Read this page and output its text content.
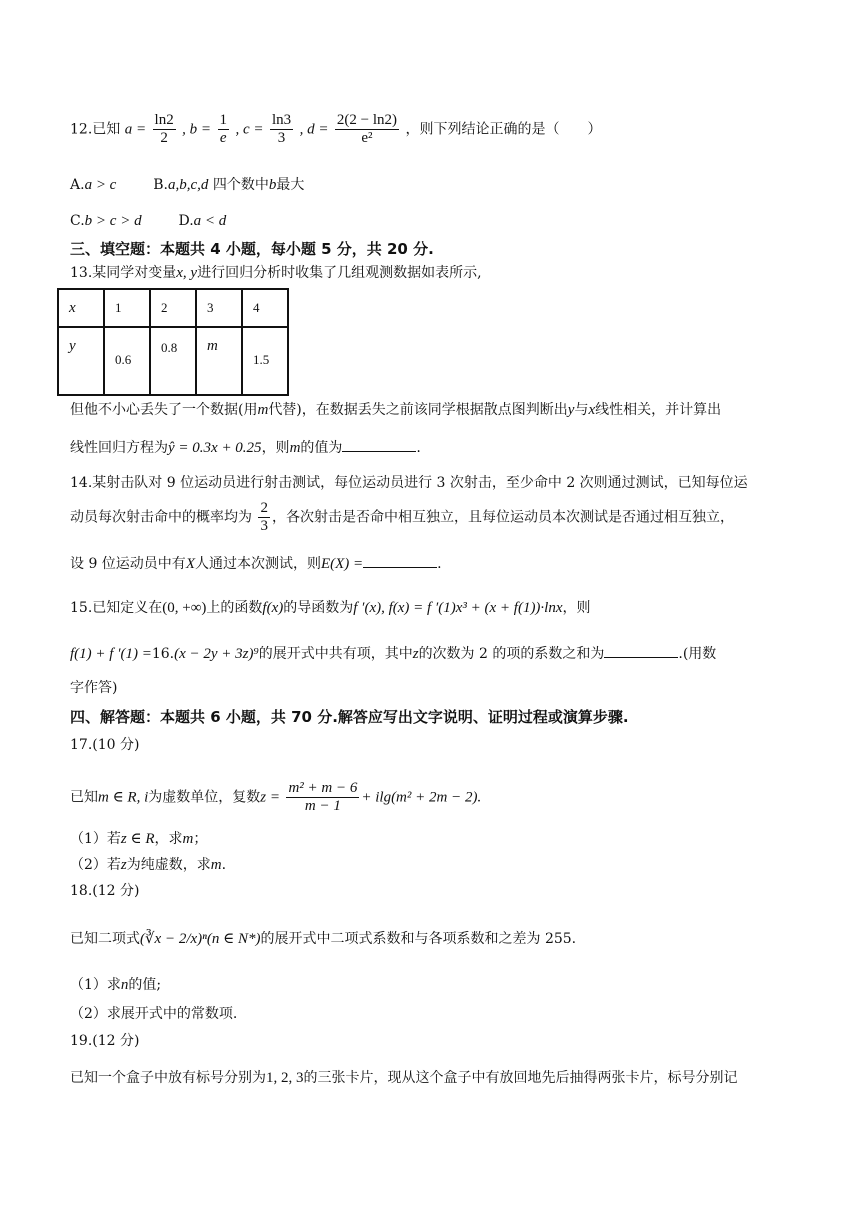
12.已知 $a = \frac{\ln 2}{2}$ , $b = \frac{1}{e}$ , $c = \frac{\ln 3}{3}$ , $d = \frac{2(2 - \ln 2)}{\text{e²}}$ ，则下列结论正确的是（　　）
A.a > c	B.a,b,c,d 四个数中b最大
C.b > c > d	D.a < d
三、填空题：本题共 4 小题，每小题 5 分，共 20 分.
13.某同学对变量x, y进行回归分析时收集了几组观测数据如表所示,
x	1	2	3	4
y	0.6	0.8	m	1.5
但他不小心丢失了一个数据(用m代替)，在数据丢失之前该同学根据散点图判断出y与x线性相关，并计算出
线性回归方程为ŷ = 0.3x + 0.25，则m的值为	.
14.某射击队对 9 位运动员进行射击测试，每位运动员进行 3 次射击，至少命中 2 次则通过测试，已知每位运
动员每次射击命中的概率均为 $\frac{2}{3}$ ，各次射击是否命中相互独立，且每位运动员本次测试是否通过相互独立，
设 9 位运动员中有X人通过本次测试，则E(X) =	.
15.已知定义在(0, +∞)上的函数f(x)的导函数为f ′(x), f(x) = f ′(1)x³ + (x + f(1))·lnx，则
f(1) + f ′(1) =16.(x − 2y + 3z)⁹的展开式中共有项，其中z的次数为 2 的项的系数之和为	.(用数
字作答)
四、解答题：本题共 6 小题，共 70 分.解答应写出文字说明、证明过程或演算步骤.
17.(10 分)
已知m ∈ R, i为虚数单位，复数$z = \frac{\text{m² + m − 6}}{m - 1} + ilg(m^2 + 2m - 2)$.
（1）若z ∈ R，求m；
（2）若z为纯虚数，求m.
18.(12 分)
已知二项式(∛x − 2/x)ⁿ(n ∈ N*)的展开式中二项式系数和与各项系数和之差为 255.
（1）求n的值;
（2）求展开式中的常数项.
19.(12 分)
已知一个盒子中放有标号分别为1, 2, 3的三张卡片，现从这个盒子中有放回地先后抽得两张卡片，标号分别记
